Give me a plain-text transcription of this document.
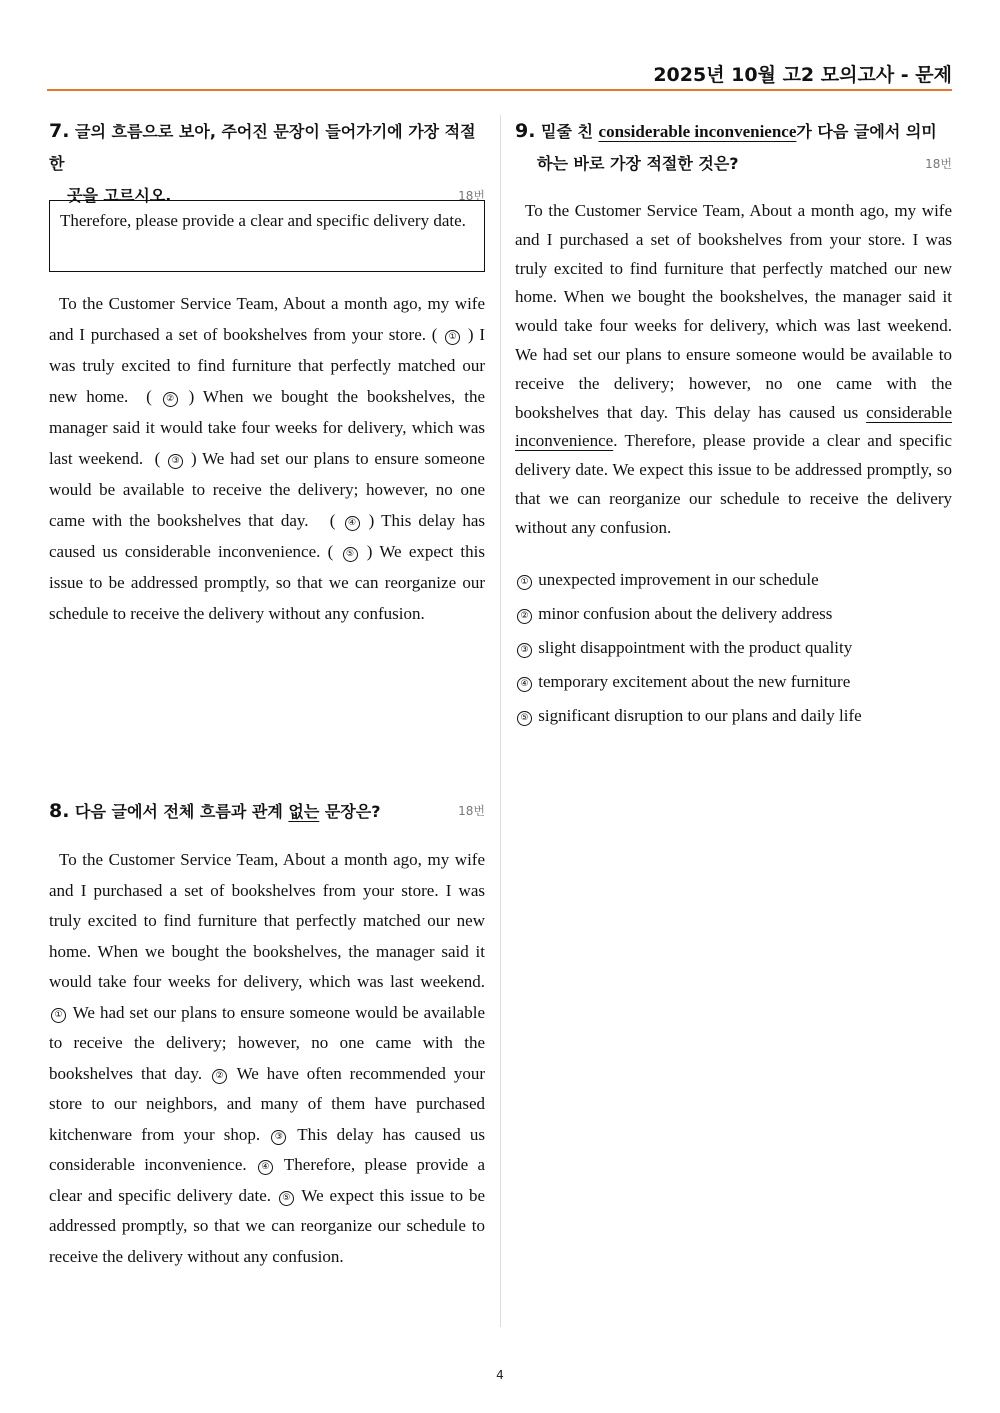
2025년 10월 고2 모의고사 - 문제
7. 글의 흐름으로 보아, 주어진 문장이 들어가기에 가장 적절한
곳을 고르시오.	18번
Therefore, please provide a clear and specific delivery date.
To the Customer Service Team, About a month ago, my wife and I purchased a set of bookshelves from your store. ( ① ) I was truly excited to find furniture that perfectly matched our new home.  ( ② ) When we bought the bookshelves, the manager said it would take four weeks for delivery, which was last weekend.  ( ③ ) We had set our plans to ensure someone would be available to receive the delivery; however, no one came with the bookshelves that day.   ( ④ ) This delay has caused us considerable inconvenience. ( ⑤ ) We expect this issue to be addressed promptly, so that we can reorganize our schedule to receive the delivery without any confusion.
8. 다음 글에서 전체 흐름과 관계 없는 문장은?	18번
To the Customer Service Team, About a month ago, my wife and I purchased a set of bookshelves from your store. I was truly excited to find furniture that perfectly matched our new home. When we bought the bookshelves, the manager said it would take four weeks for delivery, which was last weekend. ① We had set our plans to ensure someone would be available to receive the delivery; however, no one came with the bookshelves that day. ② We have often recommended your store to our neighbors, and many of them have purchased kitchenware from your shop. ③ This delay has caused us considerable inconvenience. ④ Therefore, please provide a clear and specific delivery date. ⑤ We expect this issue to be addressed promptly, so that we can reorganize our schedule to receive the delivery without any confusion.
9. 밑줄 친 considerable inconvenience가 다음 글에서 의미
하는 바로 가장 적절한 것은?	18번
To the Customer Service Team, About a month ago, my wife and I purchased a set of bookshelves from your store. I was truly excited to find furniture that perfectly matched our new home. When we bought the bookshelves, the manager said it would take four weeks for delivery, which was last weekend. We had set our plans to ensure someone would be available to receive the delivery; however, no one came with the bookshelves that day. This delay has caused us considerable inconvenience. Therefore, please provide a clear and specific delivery date. We expect this issue to be addressed promptly, so that we can reorganize our schedule to receive the delivery without any confusion.
① unexpected improvement in our schedule
② minor confusion about the delivery address
③ slight disappointment with the product quality
④ temporary excitement about the new furniture
⑤ significant disruption to our plans and daily life
4
